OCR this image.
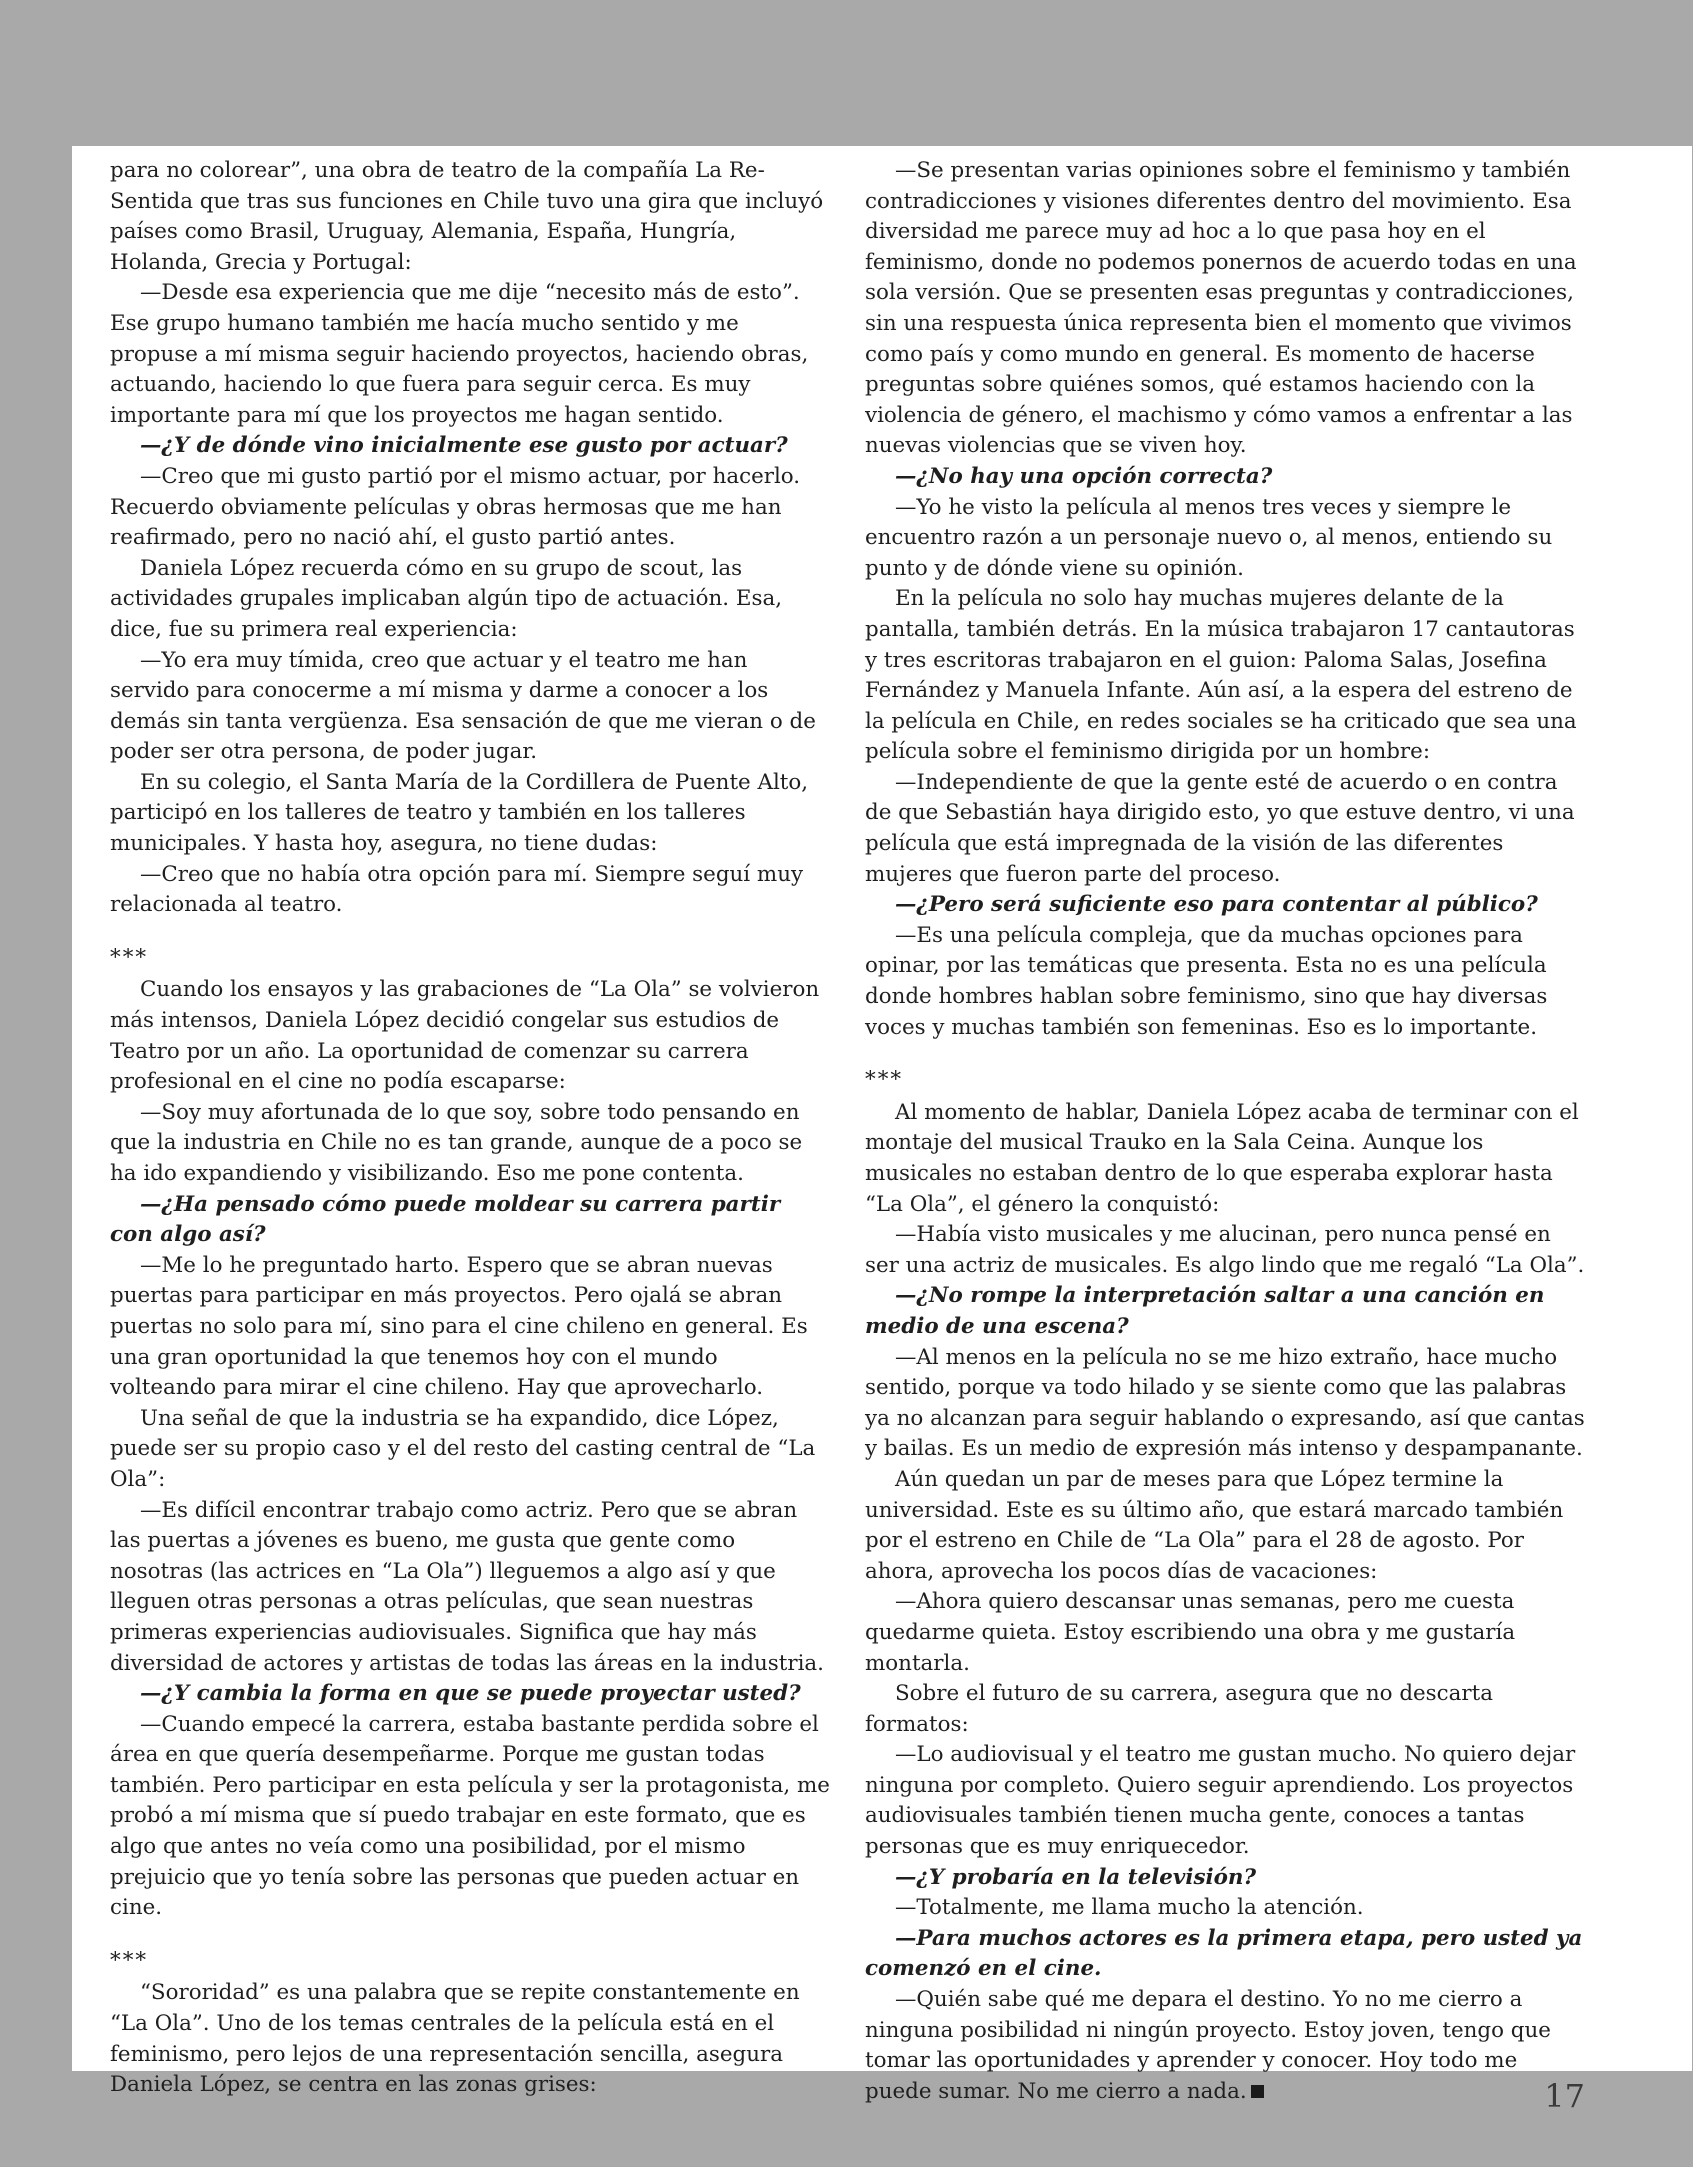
para no colorear”, una obra de teatro de la compañía La Re-Sentida que tras sus funciones en Chile tuvo una gira que incluyó países como Brasil, Uruguay, Alemania, España, Hungría, Holanda, Grecia y Portugal:

—Desde esa experiencia que me dije “necesito más de esto”. Ese grupo humano también me hacía mucho sentido y me propuse a mí misma seguir haciendo proyectos, haciendo obras, actuando, haciendo lo que fuera para seguir cerca. Es muy importante para mí que los proyectos me hagan sentido.

—¿Y de dónde vino inicialmente ese gusto por actuar?

—Creo que mi gusto partió por el mismo actuar, por hacerlo. Recuerdo obviamente películas y obras hermosas que me han reafirmado, pero no nació ahí, el gusto partió antes.

Daniela López recuerda cómo en su grupo de scout, las actividades grupales implicaban algún tipo de actuación. Esa, dice, fue su primera real experiencia:

—Yo era muy tímida, creo que actuar y el teatro me han servido para conocerme a mí misma y darme a conocer a los demás sin tanta vergüenza. Esa sensación de que me vieran o de poder ser otra persona, de poder jugar.

En su colegio, el Santa María de la Cordillera de Puente Alto, participó en los talleres de teatro y también en los talleres municipales. Y hasta hoy, asegura, no tiene dudas:

—Creo que no había otra opción para mí. Siempre seguí muy relacionada al teatro.

***

Cuando los ensayos y las grabaciones de “La Ola” se volvieron más intensos, Daniela López decidió congelar sus estudios de Teatro por un año. La oportunidad de comenzar su carrera profesional en el cine no podía escaparse:

—Soy muy afortunada de lo que soy, sobre todo pensando en que la industria en Chile no es tan grande, aunque de a poco se ha ido expandiendo y visibilizando. Eso me pone contenta.

—¿Ha pensado cómo puede moldear su carrera partir con algo así?

—Me lo he preguntado harto. Espero que se abran nuevas puertas para participar en más proyectos. Pero ojalá se abran puertas no solo para mí, sino para el cine chileno en general. Es una gran oportunidad la que tenemos hoy con el mundo volteando para mirar el cine chileno. Hay que aprovecharlo.

Una señal de que la industria se ha expandido, dice López, puede ser su propio caso y el del resto del casting central de “La Ola”:

—Es difícil encontrar trabajo como actriz. Pero que se abran las puertas a jóvenes es bueno, me gusta que gente como nosotras (las actrices en “La Ola”) lleguemos a algo así y que lleguen otras personas a otras películas, que sean nuestras primeras experiencias audiovisuales. Significa que hay más diversidad de actores y artistas de todas las áreas en la industria.

—¿Y cambia la forma en que se puede proyectar usted?

—Cuando empecé la carrera, estaba bastante perdida sobre el área en que quería desempeñarme. Porque me gustan todas también. Pero participar en esta película y ser la protagonista, me probó a mí misma que sí puedo trabajar en este formato, que es algo que antes no veía como una posibilidad, por el mismo prejuicio que yo tenía sobre las personas que pueden actuar en cine.

***

“Sororidad” es una palabra que se repite constantemente en “La Ola”. Uno de los temas centrales de la película está en el feminismo, pero lejos de una representación sencilla, asegura Daniela López, se centra en las zonas grises:

—Se presentan varias opiniones sobre el feminismo y también contradicciones y visiones diferentes dentro del movimiento. Esa diversidad me parece muy ad hoc a lo que pasa hoy en el feminismo, donde no podemos ponernos de acuerdo todas en una sola versión. Que se presenten esas preguntas y contradicciones, sin una respuesta única representa bien el momento que vivimos como país y como mundo en general. Es momento de hacerse preguntas sobre quiénes somos, qué estamos haciendo con la violencia de género, el machismo y cómo vamos a enfrentar a las nuevas violencias que se viven hoy.

—¿No hay una opción correcta?

—Yo he visto la película al menos tres veces y siempre le encuentro razón a un personaje nuevo o, al menos, entiendo su punto y de dónde viene su opinión.

En la película no solo hay muchas mujeres delante de la pantalla, también detrás. En la música trabajaron 17 cantautoras y tres escritoras trabajaron en el guion: Paloma Salas, Josefina Fernández y Manuela Infante. Aún así, a la espera del estreno de la película en Chile, en redes sociales se ha criticado que sea una película sobre el feminismo dirigida por un hombre:

—Independiente de que la gente esté de acuerdo o en contra de que Sebastián haya dirigido esto, yo que estuve dentro, vi una película que está impregnada de la visión de las diferentes mujeres que fueron parte del proceso.

—¿Pero será suficiente eso para contentar al público?

—Es una película compleja, que da muchas opciones para opinar, por las temáticas que presenta. Esta no es una película donde hombres hablan sobre feminismo, sino que hay diversas voces y muchas también son femeninas. Eso es lo importante.

***

Al momento de hablar, Daniela López acaba de terminar con el montaje del musical Trauko en la Sala Ceina. Aunque los musicales no estaban dentro de lo que esperaba explorar hasta “La Ola”, el género la conquistó:

—Había visto musicales y me alucinan, pero nunca pensé en ser una actriz de musicales. Es algo lindo que me regaló “La Ola”.

—¿No rompe la interpretación saltar a una canción en medio de una escena?

—Al menos en la película no se me hizo extraño, hace mucho sentido, porque va todo hilado y se siente como que las palabras ya no alcanzan para seguir hablando o expresando, así que cantas y bailas. Es un medio de expresión más intenso y despampanante.

Aún quedan un par de meses para que López termine la universidad. Este es su último año, que estará marcado también por el estreno en Chile de “La Ola” para el 28 de agosto. Por ahora, aprovecha los pocos días de vacaciones:

—Ahora quiero descansar unas semanas, pero me cuesta quedarme quieta. Estoy escribiendo una obra y me gustaría montarla.

Sobre el futuro de su carrera, asegura que no descarta formatos:

—Lo audiovisual y el teatro me gustan mucho. No quiero dejar ninguna por completo. Quiero seguir aprendiendo. Los proyectos audiovisuales también tienen mucha gente, conoces a tantas personas que es muy enriquecedor.

—¿Y probaría en la televisión?

—Totalmente, me llama mucho la atención.

—Para muchos actores es la primera etapa, pero usted ya comenzó en el cine.

—Quién sabe qué me depara el destino. Yo no me cierro a ninguna posibilidad ni ningún proyecto. Estoy joven, tengo que tomar las oportunidades y aprender y conocer. Hoy todo me puede sumar. No me cierro a nada.	17
